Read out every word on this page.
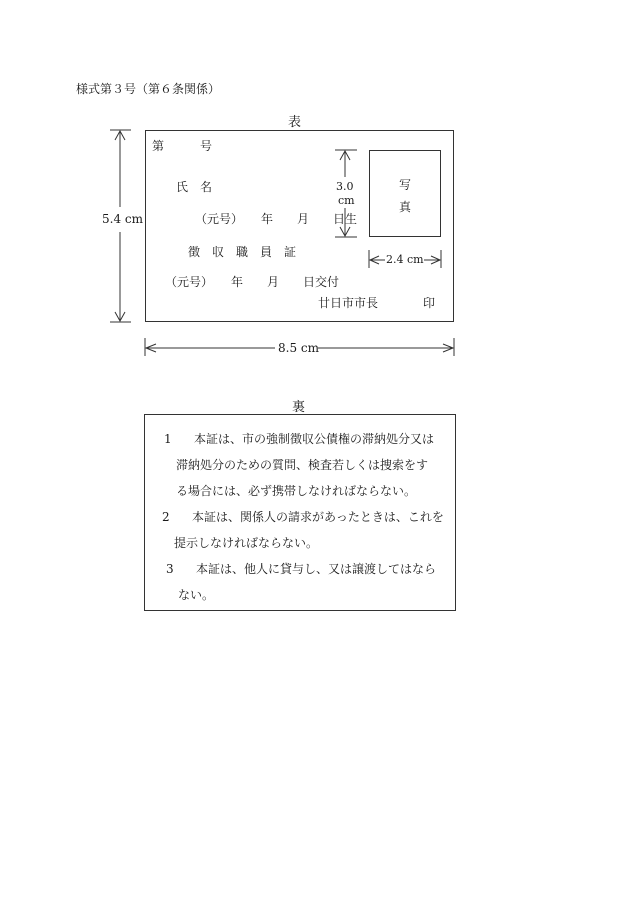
様式第３号（第６条関係）
表
第　　　号
氏　名
（元号）　　年　　月　　日生
徴　収　職　員　証
（元号）　　年　　月　　日交付
廿日市市長	印
写
真
3.0
cm
2.4 cm
5.4 cm
8.5 cm
裏
1　 本証は、市の強制徴収公債権の滞納処分又は
滞納処分のための質問、検査若しくは捜索をす
る場合には、必ず携帯しなければならない。
2　 本証は、関係人の請求があったときは、これを
提示しなければならない。
3　 本証は、他人に貸与し、又は譲渡してはなら
ない。
